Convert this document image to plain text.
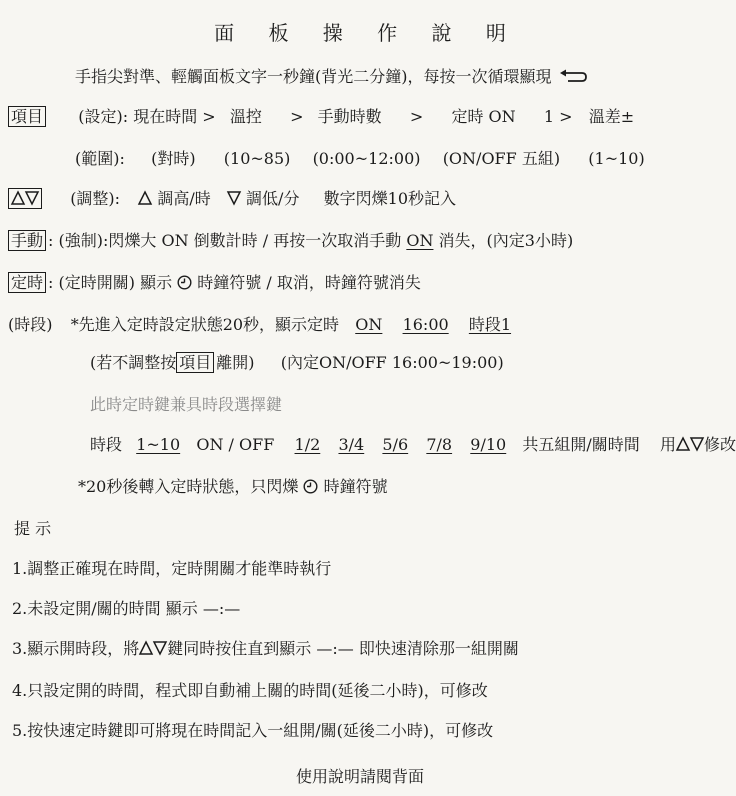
面 板 操 作 說 明
手指尖對準、輕觸面板文字一秒鐘(背光二分鐘)，每按一次循環顯現
項目 (設定): 現在時間 > 溫控 > 手動時數 > 定時 ON 1 > 溫差±
(範圍): (對時) (10~85) (0:00~12:00) (ON/OFF 五組) (1~10)
(調整): 調高/時 調低/分 數字閃爍10秒記入
手動 : (強制):閃爍大 ON 倒數計時 / 再按一次取消手動 ON 消失，(內定3小時)
定時 : (定時開關) 顯示 時鐘符號 / 取消，時鐘符號消失
(時段) *先進入定時設定狀態20秒，顯示定時 ON 16:00 時段1
(若不調整按 項目 離開) (內定ON/OFF 16:00~19:00)
此時定時鍵兼具時段選擇鍵
時段 1~10 ON / OFF 1/2 3/4 5/6 7/8 9/10 共五組開/關時間 用 修改
*20秒後轉入定時狀態，只閃爍 時鐘符號
提 示
1.調整正確現在時間，定時開關才能準時執行
2.未設定開/關的時間 顯示 —:—
3.顯示開時段，將 鍵同時按住直到顯示 —:— 即快速清除那一組開關
4.只設定開的時間，程式即自動補上關的時間(延後二小時)，可修改
5.按快速定時鍵即可將現在時間記入一組開/關(延後二小時)，可修改
使用說明請閱背面
